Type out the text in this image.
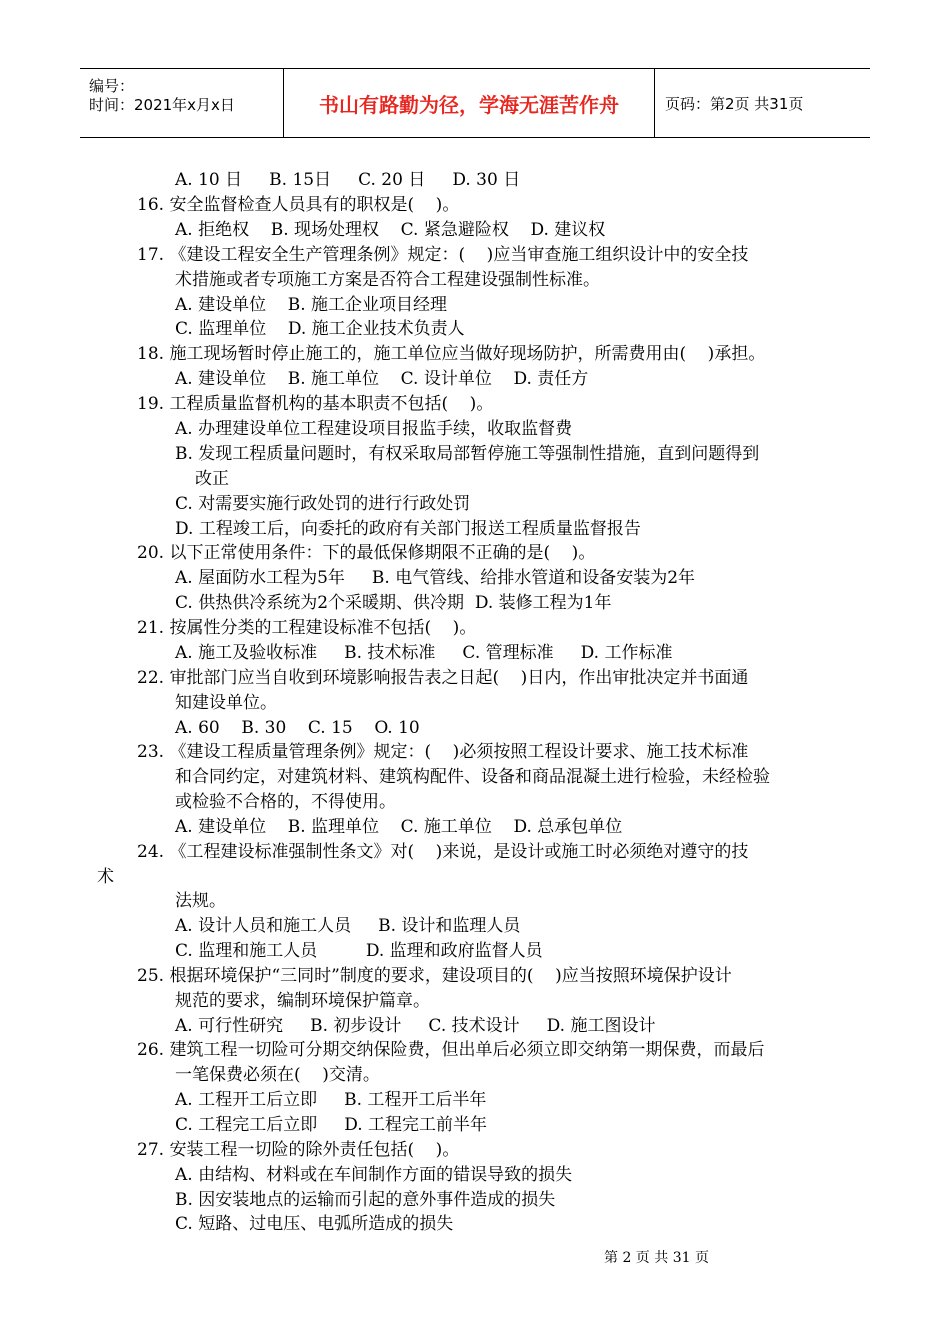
编号：
时间：2021年x月x日	书山有路勤为径，学海无涯苦作舟	页码：第2页 共31页
A. 10 日     B. 15日     C. 20 日     D. 30 日
16. 安全监督检查人员具有的职权是(    )。
A. 拒绝权    B. 现场处理权    C. 紧急避险权    D. 建议权
17. 《建设工程安全生产管理条例》规定：(    )应当审查施工组织设计中的安全技
术措施或者专项施工方案是否符合工程建设强制性标准。
A. 建设单位    B. 施工企业项目经理
C. 监理单位    D. 施工企业技术负责人
18. 施工现场暂时停止施工的，施工单位应当做好现场防护，所需费用由(    )承担。
A. 建设单位    B. 施工单位    C. 设计单位    D. 责任方
19. 工程质量监督机构的基本职责不包括(    )。
A. 办理建设单位工程建设项目报监手续，收取监督费
B. 发现工程质量问题时，有权采取局部暂停施工等强制性措施，直到问题得到
改正
C. 对需要实施行政处罚的进行行政处罚
D. 工程竣工后，向委托的政府有关部门报送工程质量监督报告
20. 以下正常使用条件：下的最低保修期限不正确的是(    )。
A. 屋面防水工程为5年     B. 电气管线、给排水管道和设备安装为2年
C. 供热供冷系统为2个采暖期、供冷期  D. 装修工程为1年
21. 按属性分类的工程建设标准不包括(    )。
A. 施工及验收标准     B. 技术标准     C. 管理标准     D. 工作标准
22. 审批部门应当自收到环境影响报告表之日起(    )日内，作出审批决定并书面通
知建设单位。
A. 60    B. 30    C. 15    O. 10
23. 《建设工程质量管理条例》规定：(    )必须按照工程设计要求、施工技术标准
和合同约定，对建筑材料、建筑构配件、设备和商品混凝土进行检验，未经检验
或检验不合格的，不得使用。
A. 建设单位    B. 监理单位    C. 施工单位    D. 总承包单位
24. 《工程建设标准强制性条文》对(    )来说，是设计或施工时必须绝对遵守的技
术
法规。
A. 设计人员和施工人员     B. 设计和监理人员
C. 监理和施工人员         D. 监理和政府监督人员
25. 根据环境保护“三同时”制度的要求，建设项目的(    )应当按照环境保护设计
规范的要求，编制环境保护篇章。
A. 可行性研究     B. 初步设计     C. 技术设计     D. 施工图设计
26. 建筑工程一切险可分期交纳保险费，但出单后必须立即交纳第一期保费，而最后
一笔保费必须在(    )交清。
A. 工程开工后立即     B. 工程开工后半年
C. 工程完工后立即     D. 工程完工前半年
27. 安装工程一切险的除外责任包括(    )。
A. 由结构、材料或在车间制作方面的错误导致的损失
B. 因安装地点的运输而引起的意外事件造成的损失
C. 短路、过电压、电弧所造成的损失
第 2 页 共 31 页
